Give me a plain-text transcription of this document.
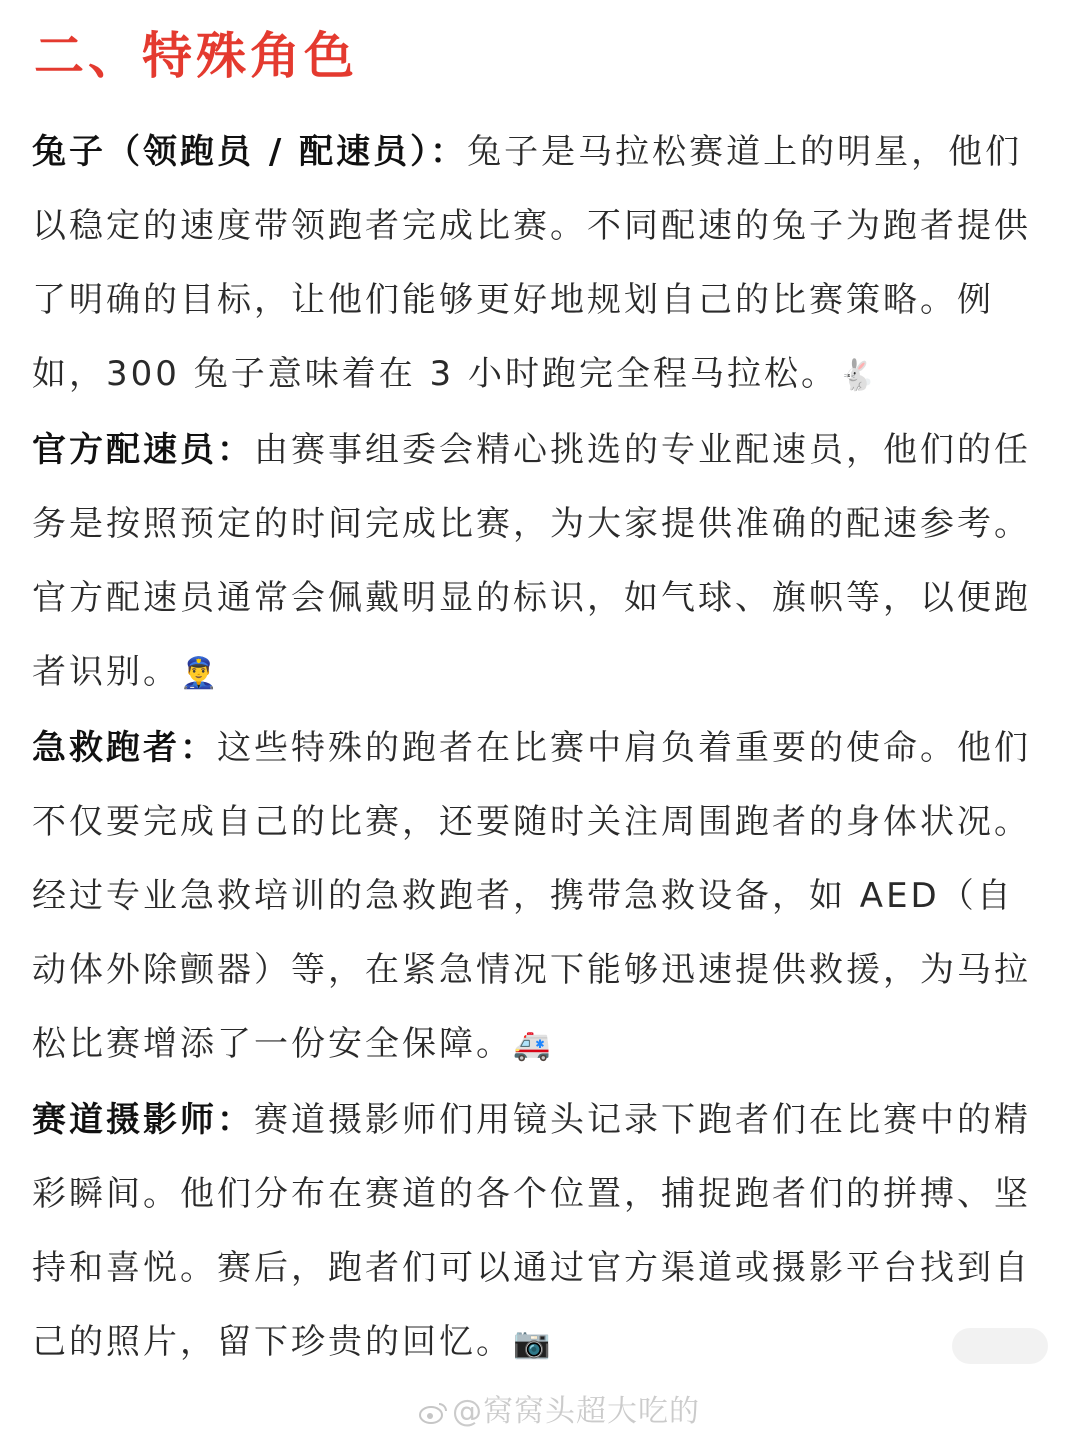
二、特殊角色

兔子（领跑员 / 配速员）：兔子是马拉松赛道上的明星，他们以稳定的速度带领跑者完成比赛。不同配速的兔子为跑者提供了明确的目标，让他们能够更好地规划自己的比赛策略。例如，300 兔子意味着在 3 小时跑完全程马拉松。🐇

官方配速员：由赛事组委会精心挑选的专业配速员，他们的任务是按照预定的时间完成比赛，为大家提供准确的配速参考。官方配速员通常会佩戴明显的标识，如气球、旗帜等，以便跑者识别。👮‍♂️

急救跑者：这些特殊的跑者在比赛中肩负着重要的使命。他们不仅要完成自己的比赛，还要随时关注周围跑者的身体状况。经过专业急救培训的急救跑者，携带急救设备，如 AED（自动体外除颤器）等，在紧急情况下能够迅速提供救援，为马拉松比赛增添了一份安全保障。🚑

赛道摄影师：赛道摄影师们用镜头记录下跑者们在比赛中的精彩瞬间。他们分布在赛道的各个位置，捕捉跑者们的拼搏、坚持和喜悦。赛后，跑者们可以通过官方渠道或摄影平台找到自己的照片，留下珍贵的回忆。📷

@窝窝头超大吃的
